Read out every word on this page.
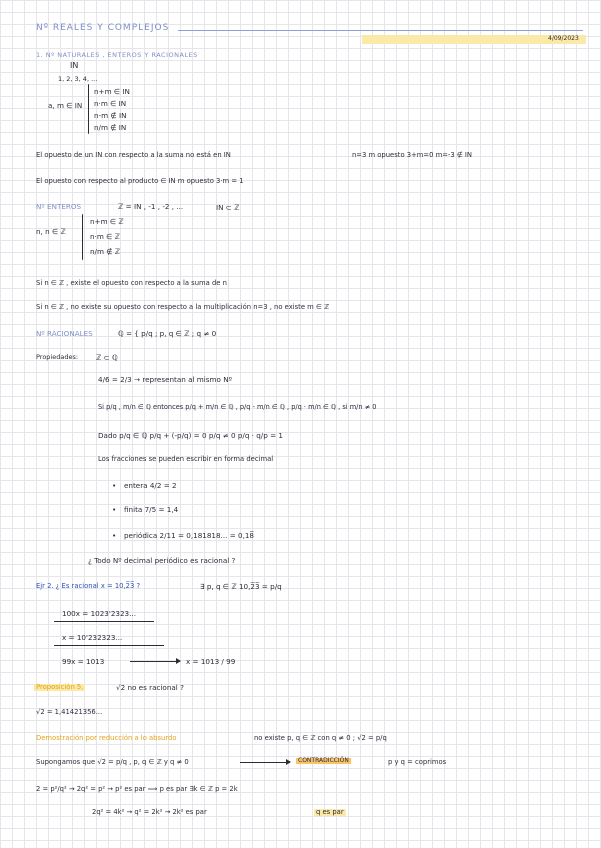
Nº REALES Y COMPLEJOS
4/09/2023
1. Nº NATURALES , ENTEROS Y RACIONALES
IN
1, 2, 3, 4, ...
a, m ∈ IN
n+m ∈ IN
n·m ∈ IN
n-m ∉ IN
n/m ∉ IN
El opuesto de un IN con respecto a la suma no está en IN	n=3 m opuesto 3+m=0 m=-3 ∉ IN
El opuesto con respecto al producto ∈ IN m opuesto 3·m = 1
Nº ENTEROS	ℤ = IN , -1 , -2 , ...	IN ⊂ ℤ
n, n ∈ ℤ
n+m ∈ ℤ
n·m ∈ ℤ
n/m ∉ ℤ
Si n ∈ ℤ , existe el opuesto con respecto a la suma de n
Si n ∈ ℤ , no existe su opuesto con respecto a la multiplicación n=3 , no existe m ∈ ℤ
Nº RACIONALES	ℚ = { p/q ; p, q ∈ ℤ ; q ≠ 0
Propiedades: ℤ ⊂ ℚ
4/6 = 2/3 → representan al mismo Nº
Si p/q , m/n ∈ ℚ entonces p/q + m/n ∈ ℚ , p/q - m/n ∈ ℚ , p/q · m/n ∈ ℚ , si m/n ≠ 0
Dado p/q ∈ ℚ p/q + (-p/q) = 0 p/q ≠ 0 p/q · q/p = 1
Los fracciones se pueden escribir en forma decimal
• entera 4/2 = 2
• finita 7/5 = 1,4
• periódica 2/11 = 0,181818... = 0,18̅
¿ Todo Nº decimal periódico es racional ?
Ejr 2. ¿ Es racional x = 10,2̅3̅ ?	∃ p, q ∈ ℤ 10,2̅3̅ = p/q
100x = 1023'2323...
x = 10'232323...
99x = 1013	x = 1013 / 99
Proposición 5.	√2 no es racional ?
√2 = 1,41421356...
Demostración por reducción a lo absurdo	no existe p, q ∈ ℤ con q ≠ 0 ; √2 = p/q
Supongamos que √2 = p/q , p, q ∈ ℤ y q ≠ 0	CONTRADICCIÓN	p y q = coprimos
2 = p²/q² → 2q² = p² → p² es par ⟹ p es par ∃k ∈ ℤ p = 2k
2q² = 4k² → q² = 2k² → 2k² es par	q es par
